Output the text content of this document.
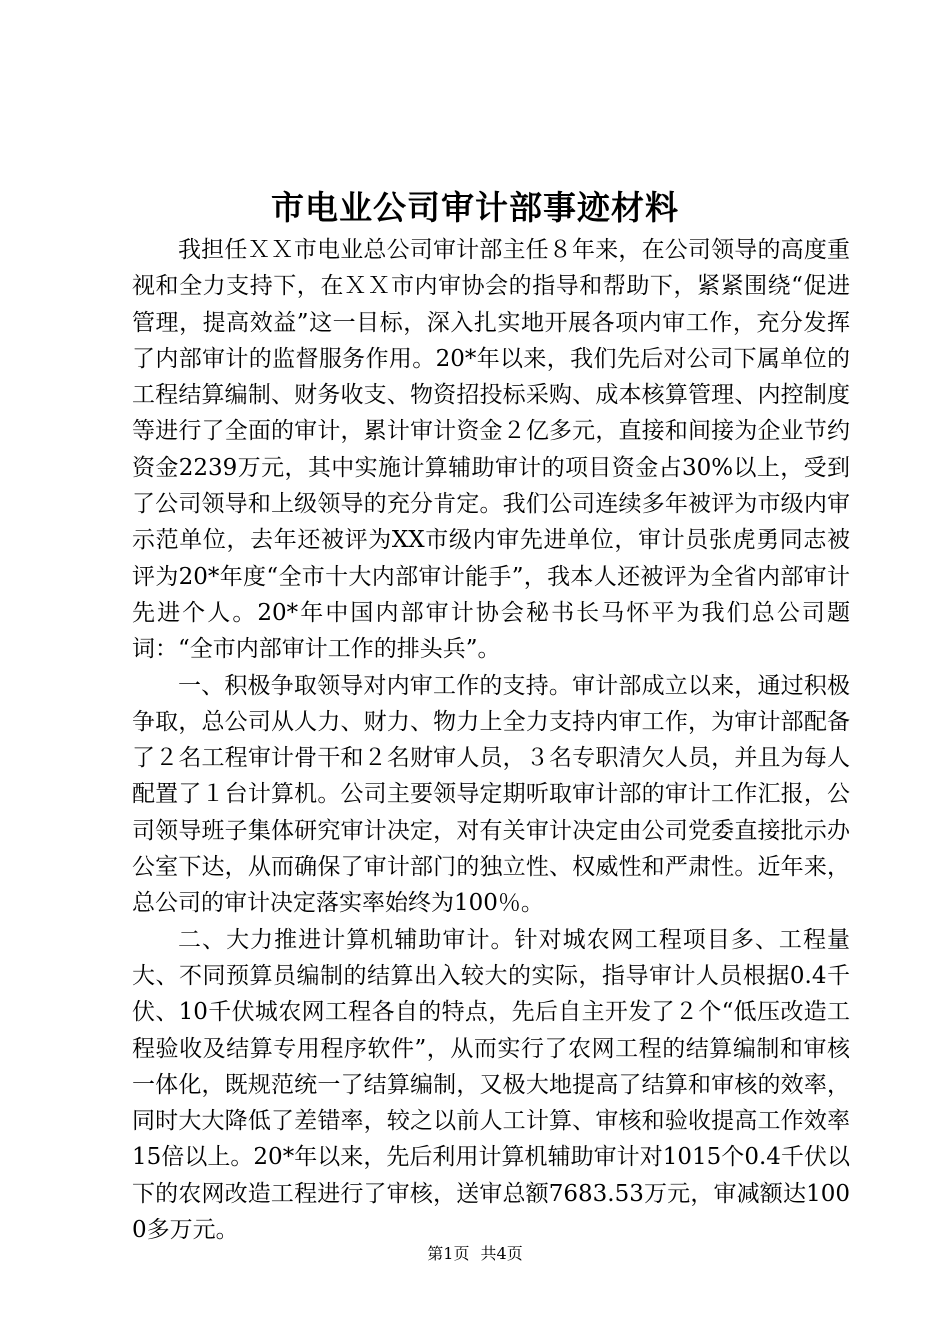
市电业公司审计部事迹材料

我担任ＸＸ市电业总公司审计部主任８年来，在公司领导的高度重视和全力支持下，在ＸＸ市内审协会的指导和帮助下，紧紧围绕“促进管理，提高效益”这一目标，深入扎实地开展各项内审工作，充分发挥了内部审计的监督服务作用。20*年以来，我们先后对公司下属单位的工程结算编制、财务收支、物资招投标采购、成本核算管理、内控制度等进行了全面的审计，累计审计资金２亿多元，直接和间接为企业节约资金2239万元，其中实施计算辅助审计的项目资金占30%以上，受到了公司领导和上级领导的充分肯定。我们公司连续多年被评为市级内审示范单位，去年还被评为XX市级内审先进单位，审计员张虎勇同志被评为20*年度“全市十大内部审计能手”，我本人还被评为全省内部审计先进个人。20*年中国内部审计协会秘书长马怀平为我们总公司题词：“全市内部审计工作的排头兵”。

一、积极争取领导对内审工作的支持。审计部成立以来，通过积极争取，总公司从人力、财力、物力上全力支持内审工作，为审计部配备了２名工程审计骨干和２名财审人员，３名专职清欠人员，并且为每人配置了１台计算机。公司主要领导定期听取审计部的审计工作汇报，公司领导班子集体研究审计决定，对有关审计决定由公司党委直接批示办公室下达，从而确保了审计部门的独立性、权威性和严肃性。近年来，总公司的审计决定落实率始终为100％。

二、大力推进计算机辅助审计。针对城农网工程项目多、工程量大、不同预算员编制的结算出入较大的实际，指导审计人员根据0.4千伏、10千伏城农网工程各自的特点，先后自主开发了２个“低压改造工程验收及结算专用程序软件”，从而实行了农网工程的结算编制和审核一体化，既规范统一了结算编制，又极大地提高了结算和审核的效率，同时大大降低了差错率，较之以前人工计算、审核和验收提高工作效率15倍以上。20*年以来，先后利用计算机辅助审计对1015个0.4千伏以下的农网改造工程进行了审核，送审总额7683.53万元，审减额达1000多万元。

第1页 共4页
